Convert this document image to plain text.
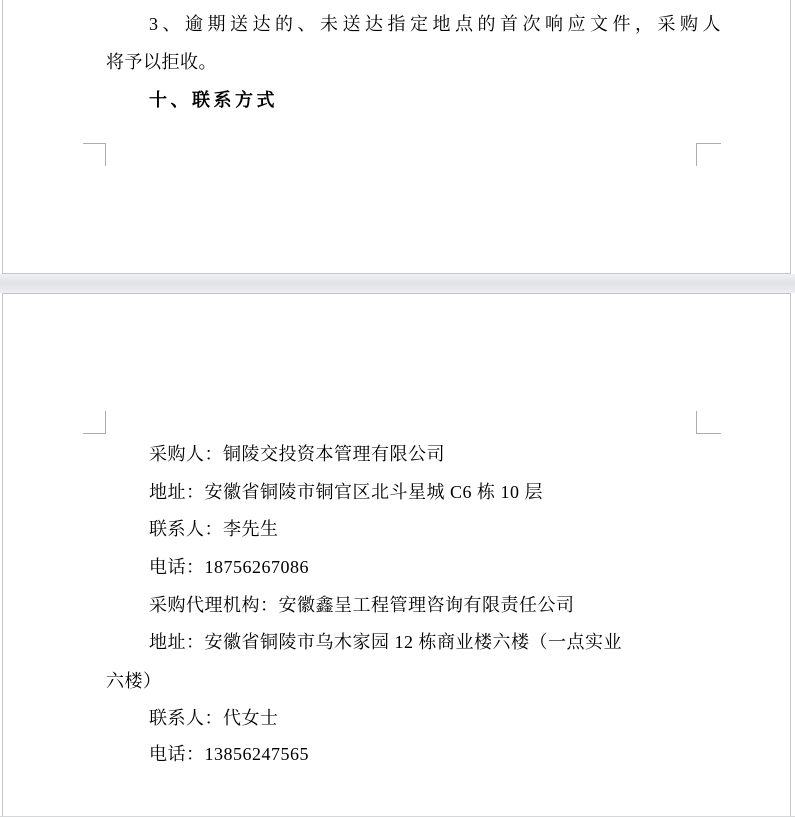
3、逾期送达的、未送达指定地点的首次响应文件，采购人
将予以拒收。
十、联系方式
采购人：铜陵交投资本管理有限公司
地址：安徽省铜陵市铜官区北斗星城 C6 栋 10 层
联系人：李先生
电话：18756267086
采购代理机构：安徽鑫呈工程管理咨询有限责任公司
地址：安徽省铜陵市乌木家园 12 栋商业楼六楼（一点实业
六楼）
联系人：代女士
电话：13856247565
